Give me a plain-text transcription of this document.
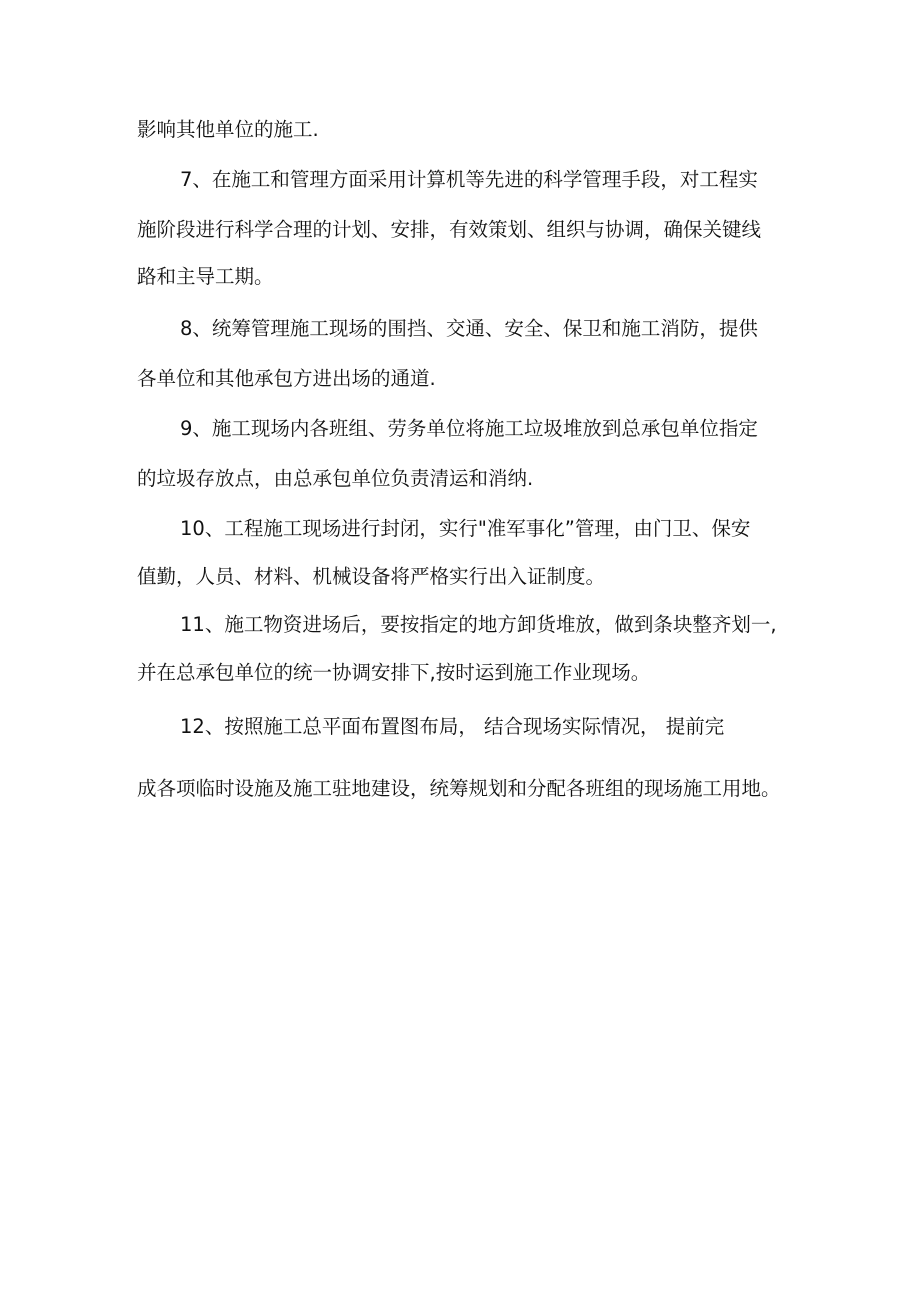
影响其他单位的施工.
7、在施工和管理方面采用计算机等先进的科学管理手段，对工程实
施阶段进行科学合理的计划、安排，有效策划、组织与协调，确保关键线
路和主导工期。
8、统筹管理施工现场的围挡、交通、安全、保卫和施工消防，提供
各单位和其他承包方进出场的通道.
9、施工现场内各班组、劳务单位将施工垃圾堆放到总承包单位指定
的垃圾存放点，由总承包单位负责清运和消纳.
10、工程施工现场进行封闭，实行"准军事化”管理，由门卫、保安
值勤，人员、材料、机械设备将严格实行出入证制度。
11、施工物资进场后，要按指定的地方卸货堆放，做到条块整齐划一,
并在总承包单位的统一协调安排下,按时运到施工作业现场。
12、按照施工总平面布置图布局， 结合现场实际情况， 提前完
成各项临时设施及施工驻地建设，统筹规划和分配各班组的现场施工用地。
